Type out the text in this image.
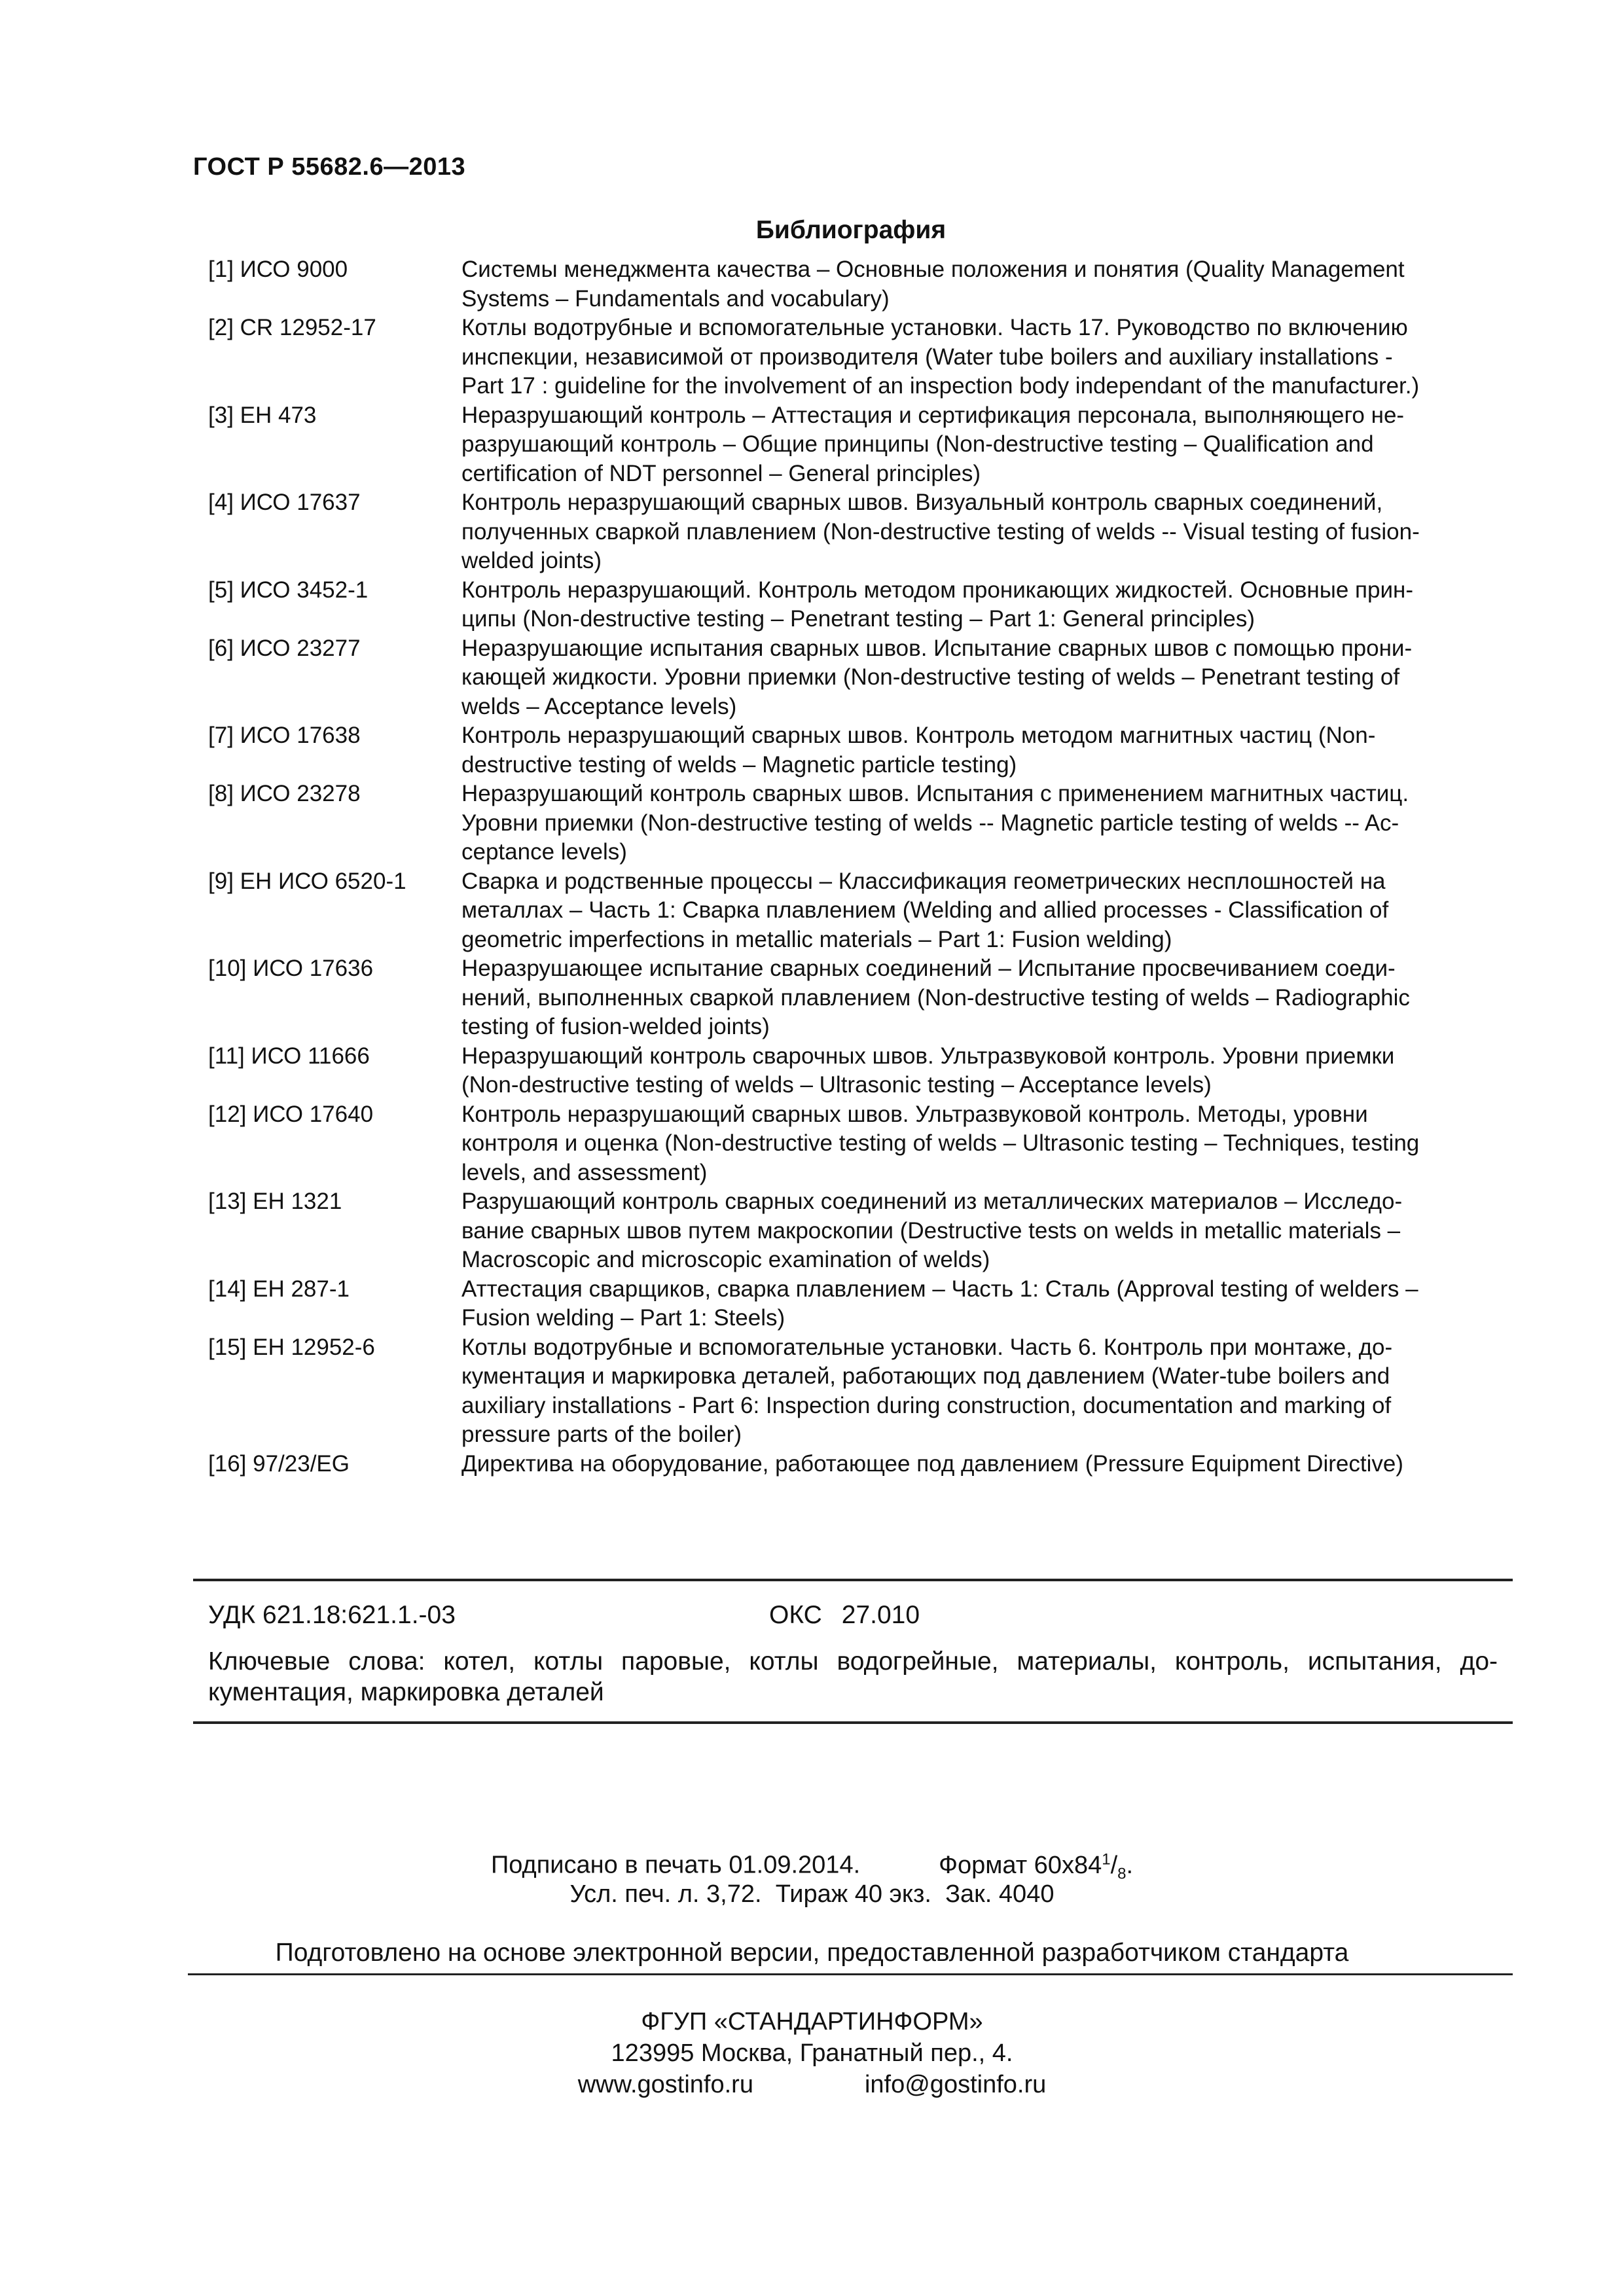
ГОСТ Р 55682.6—2013
Библиография
[1] ИСО 9000	Системы менеджмента качества – Основные положения и понятия (Quality Management
Systems – Fundamentals and vocabulary)

[2] CR 12952-17	Котлы водотрубные и вспомогательные установки. Часть 17. Руководство по включению
инспекции, независимой от производителя (Water tube boilers and auxiliary installations -
Part 17 : guideline for the involvement of an inspection body independant of the manufacturer.)

[3] ЕН 473	Неразрушающий контроль – Аттестация и сертификация персонала, выполняющего не-
разрушающий контроль – Общие принципы (Non-destructive testing – Qualification and
certification of NDT personnel – General principles)

[4] ИСО 17637	Контроль неразрушающий сварных швов. Визуальный контроль сварных соединений,
полученных сваркой плавлением (Non-destructive testing of welds -- Visual testing of fusion-
welded joints)

[5] ИСО 3452-1	Контроль неразрушающий. Контроль методом проникающих жидкостей. Основные прин-
ципы (Non-destructive testing – Penetrant testing – Part 1: General principles)

[6] ИСО 23277	Неразрушающие испытания сварных швов. Испытание сварных швов с помощью прони-
кающей жидкости. Уровни приемки (Non-destructive testing of welds – Penetrant testing of
welds – Acceptance levels)

[7] ИСО 17638	Контроль неразрушающий сварных швов. Контроль методом магнитных частиц (Non-
destructive testing of welds – Magnetic particle testing)

[8] ИСО 23278	Неразрушающий контроль сварных швов. Испытания с применением магнитных частиц.
Уровни приемки (Non-destructive testing of welds -- Magnetic particle testing of welds -- Ac-
ceptance levels)

[9] ЕН ИСО 6520-1	Сварка и родственные процессы – Классификация геометрических несплошностей на
металлах – Часть 1: Сварка плавлением (Welding and allied processes - Classification of
geometric imperfections in metallic materials – Part 1: Fusion welding)

[10] ИСО 17636	Неразрушающее испытание сварных соединений – Испытание просвечиванием соеди-
нений, выполненных сваркой плавлением (Non-destructive testing of welds – Radiographic
testing of fusion-welded joints)

[11] ИСО 11666	Неразрушающий контроль сварочных швов. Ультразвуковой контроль. Уровни приемки
(Non-destructive testing of welds – Ultrasonic testing – Acceptance levels)

[12] ИСО 17640	Контроль неразрушающий сварных швов. Ультразвуковой контроль. Методы, уровни
контроля и оценка (Non-destructive testing of welds – Ultrasonic testing – Techniques, testing
levels, and assessment)

[13] ЕН 1321	Разрушающий контроль сварных соединений из металлических материалов – Исследо-
вание сварных швов путем макроскопии (Destructive tests on welds in metallic materials –
Macroscopic and microscopic examination of welds)

[14] ЕН 287-1	Аттестация сварщиков, сварка плавлением – Часть 1: Сталь (Approval testing of welders –
Fusion welding – Part 1: Steels)

[15] ЕН 12952-6	Котлы водотрубные и вспомогательные установки. Часть 6. Контроль при монтаже, до-
кументация и маркировка деталей, работающих под давлением (Water-tube boilers and
auxiliary installations - Part 6: Inspection during construction, documentation and marking of
pressure parts of the boiler)

[16] 97/23/EG	Директива на оборудование, работающее под давлением (Pressure Equipment Directive)
УДК 621.18:621.1.-03	ОКС 27.010
Ключевые слова: котел, котлы паровые, котлы водогрейные, материалы, контроль, испытания, до-кументация, маркировка деталей
Подписано в печать 01.09.2014.	Формат $60x84^1/_8$.
Усл. печ. л. 3,72. Тираж 40 экз. Зак. 4040
Подготовлено на основе электронной версии, предоставленной разработчиком стандарта
ФГУП «СТАНДАРТИНФОРМ»
123995 Москва, Гранатный пер., 4.
www.gostinfo.ru	info@gostinfo.ru
